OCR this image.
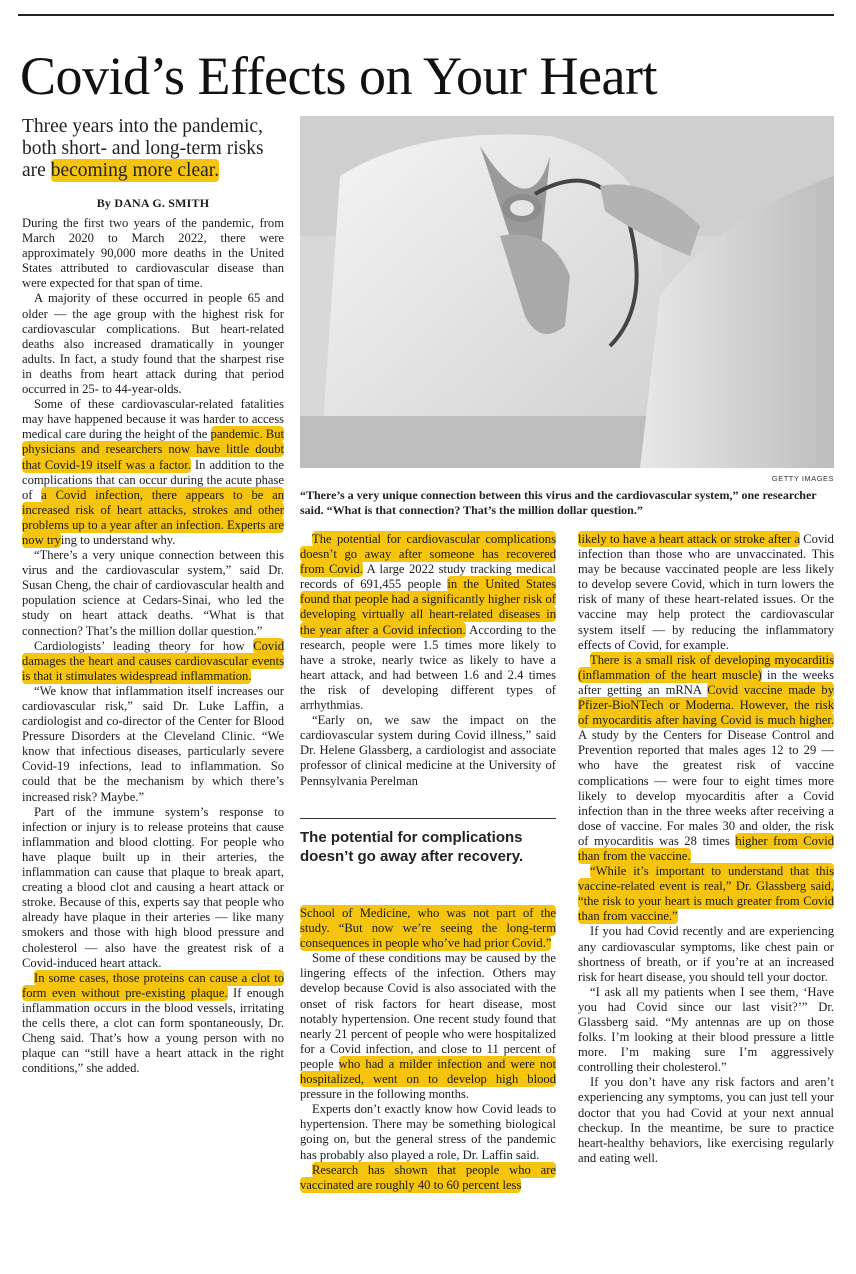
Covid’s Effects on Your Heart

Three years into the pandemic, both short- and long-term risks are becoming more clear.

By DANA G. SMITH

During the first two years of the pandemic, from March 2020 to March 2022, there were approximately 90,000 more deaths in the United States attributed to cardiovascular disease than were expected for that span of time.

A majority of these occurred in people 65 and older — the age group with the highest risk for cardiovascular complications. But heart-related deaths also increased dramatically in younger adults. In fact, a study found that the sharpest rise in deaths from heart attack during that period occurred in 25- to 44-year-olds.

Some of these cardiovascular-related fatalities may have happened because it was harder to access medical care during the height of the pandemic. But physicians and researchers now have little doubt that Covid-19 itself was a factor. In addition to the complications that can occur during the acute phase of a Covid infection, there appears to be an increased risk of heart attacks, strokes and other problems up to a year after an infection. Experts are now trying to understand why.

“There’s a very unique connection between this virus and the cardiovascular system,” said Dr. Susan Cheng, the chair of cardiovascular health and population science at Cedars-Sinai, who led the study on heart attack deaths. “What is that connection? That’s the million dollar question.”

Cardiologists’ leading theory for how Covid damages the heart and causes cardiovascular events is that it stimulates widespread inflammation.

“We know that inflammation itself increases our cardiovascular risk,” said Dr. Luke Laffin, a cardiologist and co-director of the Center for Blood Pressure Disorders at the Cleveland Clinic. “We know that infectious diseases, particularly severe Covid-19 infections, lead to inflammation. So could that be the mechanism by which there’s increased risk? Maybe.”

Part of the immune system’s response to infection or injury is to release proteins that cause inflammation and blood clotting. For people who have plaque built up in their arteries, the inflammation can cause that plaque to break apart, creating a blood clot and causing a heart attack or stroke. Because of this, experts say that people who already have plaque in their arteries — like many smokers and those with high blood pressure and cholesterol — also have the greatest risk of a Covid-induced heart attack.

In some cases, those proteins can cause a clot to form even without pre-existing plaque. If enough inflammation occurs in the blood vessels, irritating the cells there, a clot can form spontaneously, Dr. Cheng said. That’s how a young person with no plaque can “still have a heart attack in the right conditions,” she added.

GETTY IMAGES
“There’s a very unique connection between this virus and the cardiovascular system,” one researcher said. “What is that connection? That’s the million dollar question.”

The potential for cardiovascular complications doesn’t go away after someone has recovered from Covid. A large 2022 study tracking medical records of 691,455 people in the United States found that people had a significantly higher risk of developing virtually all heart-related diseases in the year after a Covid infection. According to the research, people were 1.5 times more likely to have a stroke, nearly twice as likely to have a heart attack, and had between 1.6 and 2.4 times the risk of developing different types of arrhythmias.

“Early on, we saw the impact on the cardiovascular system during Covid illness,” said Dr. Helene Glassberg, a cardiologist and associate professor of clinical medicine at the University of Pennsylvania Perelman

The potential for complications doesn’t go away after recovery.

School of Medicine, who was not part of the study. “But now we’re seeing the long-term consequences in people who’ve had prior Covid.”

Some of these conditions may be caused by the lingering effects of the infection. Others may develop because Covid is also associated with the onset of risk factors for heart disease, most notably hypertension. One recent study found that nearly 21 percent of people who were hospitalized for a Covid infection, and close to 11 percent of people who had a milder infection and were not hospitalized, went on to develop high blood pressure in the following months.

Experts don’t exactly know how Covid leads to hypertension. There may be something biological going on, but the general stress of the pandemic has probably also played a role, Dr. Laffin said.

Research has shown that people who are vaccinated are roughly 40 to 60 percent less

likely to have a heart attack or stroke after a Covid infection than those who are unvaccinated. This may be because vaccinated people are less likely to develop severe Covid, which in turn lowers the risk of many of these heart-related issues. Or the vaccine may help protect the cardiovascular system itself — by reducing the inflammatory effects of Covid, for example.

There is a small risk of developing myocarditis (inflammation of the heart muscle) in the weeks after getting an mRNA Covid vaccine made by Pfizer-BioNTech or Moderna. However, the risk of myocarditis after having Covid is much higher. A study by the Centers for Disease Control and Prevention reported that males ages 12 to 29 — who have the greatest risk of vaccine complications — were four to eight times more likely to develop myocarditis after a Covid infection than in the three weeks after receiving a dose of vaccine. For males 30 and older, the risk of myocarditis was 28 times higher from Covid than from the vaccine.

“While it’s important to understand that this vaccine-related event is real,” Dr. Glassberg said, “the risk to your heart is much greater from Covid than from vaccine.”

If you had Covid recently and are experiencing any cardiovascular symptoms, like chest pain or shortness of breath, or if you’re at an increased risk for heart disease, you should tell your doctor.

“I ask all my patients when I see them, ‘Have you had Covid since our last visit?’” Dr. Glassberg said. “My antennas are up on those folks. I’m looking at their blood pressure a little more. I’m making sure I’m aggressively controlling their cholesterol.”

If you don’t have any risk factors and aren’t experiencing any symptoms, you can just tell your doctor that you had Covid at your next annual checkup. In the meantime, be sure to practice heart-healthy behaviors, like exercising regularly and eating well.
